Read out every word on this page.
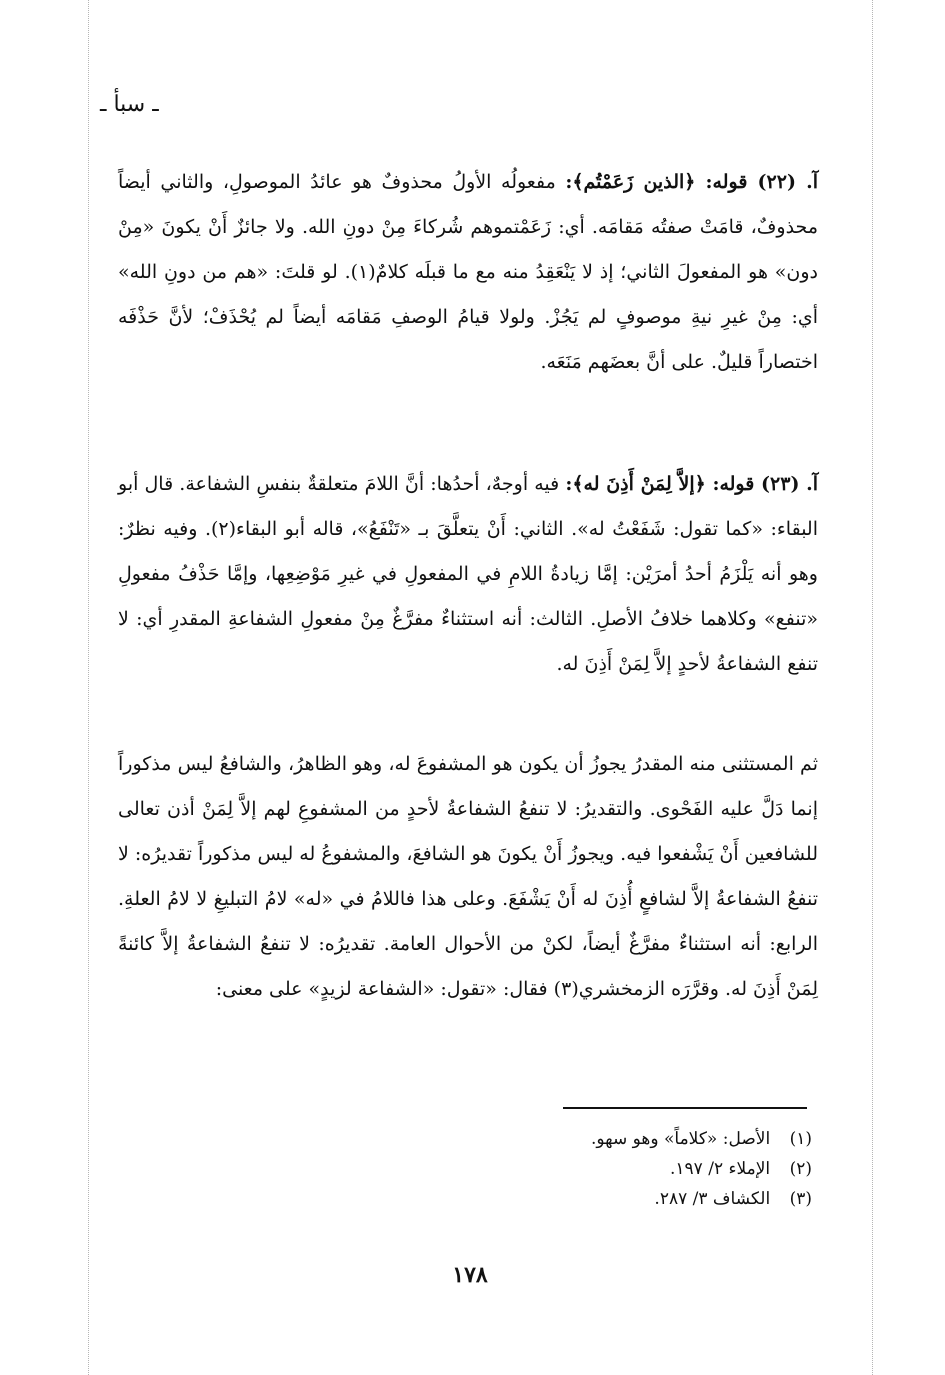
ـ سبأ ـ

آ. (٢٢) قوله: ﴿الذين زَعَمْتُم﴾: مفعولُه الأولُ محذوفٌ هو عائدُ الموصولِ، والثاني أيضاً محذوفٌ، قامَتْ صفتُه مَقامَه. أي: زَعَمْتموهم شُركاءَ مِنْ دونِ الله. ولا جائزٌ أَنْ يكونَ «مِنْ دون» هو المفعولَ الثاني؛ إذ لا يَنْعَقِدُ منه مع ما قبلَه كلامٌ(١). لو قلتَ: «هم من دونِ الله» أي: مِنْ غيرِ نيةِ موصوفٍ لم يَجُزْ. ولولا قيامُ الوصفِ مَقامَه أيضاً لم يُحْذَفْ؛ لأنَّ حَذْفَه اختصاراً قليلٌ. على أنَّ بعضَهم مَنَعَه.

آ. (٢٣) قوله: ﴿إلاَّ لِمَنْ أَذِنَ له﴾: فيه أوجهٌ، أحدُها: أنَّ اللامَ متعلقةٌ بنفسِ الشفاعة. قال أبو البقاء: «كما تقول: شَفَعْتُ له». الثاني: أَنْ يتعلَّقَ بـ «تَنْفَعُ»، قاله أبو البقاء(٢). وفيه نظرٌ: وهو أنه يَلْزَمُ أحدُ أمرَيْن: إمَّا زيادةُ اللامِ في المفعولِ في غيرِ مَوْضِعِها، وإمَّا حَذْفُ مفعولِ «تنفع» وكلاهما خلافُ الأصلِ. الثالث: أنه استثناءٌ مفرَّغٌ مِنْ مفعولِ الشفاعةِ المقدرِ أي: لا تنفع الشفاعةُ لأحدٍ إلاَّ لِمَنْ أَذِنَ له.

ثم المستثنى منه المقدرُ يجوزُ أن يكون هو المشفوعَ له، وهو الظاهرُ، والشافعُ ليس مذكوراً إنما دَلَّ عليه الفَحْوى. والتقديرُ: لا تنفعُ الشفاعةُ لأحدٍ من المشفوعِ لهم إلاَّ لِمَنْ أذن تعالى للشافعين أَنْ يَشْفعوا فيه. ويجوزُ أَنْ يكونَ هو الشافعَ، والمشفوعُ له ليس مذكوراً تقديرُه: لا تنفعُ الشفاعةُ إلاَّ لشافعٍ أُذِنَ له أَنْ يَشْفَعَ. وعلى هذا فاللامُ في «له» لامُ التبليغِ لا لامُ العلةِ. الرابع: أنه استثناءٌ مفرَّغٌ أيضاً، لكنْ من الأحوال العامة. تقديرُه: لا تنفعُ الشفاعةُ إلاَّ كائنةً لِمَنْ أَذِنَ له. وقرَّرَه الزمخشري(٣) فقال: «تقول: «الشفاعة لزيدٍ» على معنى:

(١) الأصل: «كلاماً» وهو سهو.
(٢) الإملاء ٢/ ١٩٧.
(٣) الكشاف ٣/ ٢٨٧.
١٧٨
